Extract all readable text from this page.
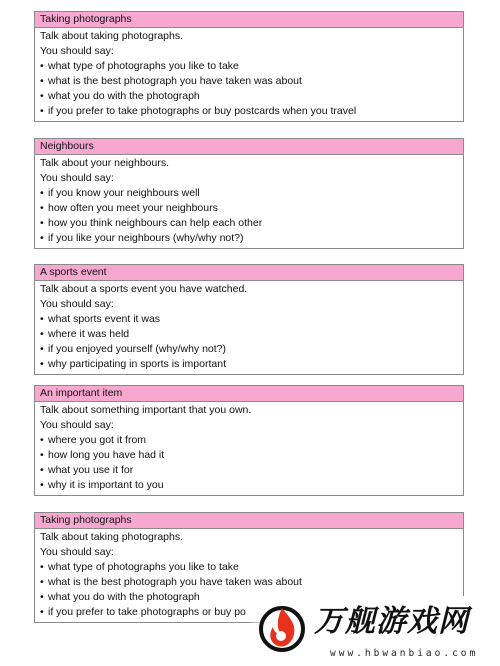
Taking photographs
Talk about taking photographs.
You should say:
• what type of photographs you like to take
• what is the best photograph you have taken was about
• what you do with the photograph
• if you prefer to take photographs or buy postcards when you travel
Neighbours
Talk about your neighbours.
You should say:
• if you know your neighbours well
• how often you meet your neighbours
• how you think neighbours can help each other
• if you like your neighbours (why/why not?)
A sports event
Talk about a sports event you have watched.
You should say:
• what sports event it was
• where it was held
• if you enjoyed yourself (why/why not?)
• why participating in sports is important
An important item
Talk about something important that you own.
You should say:
• where you got it from
• how long you have had it
• what you use it for
• why it is important to you
Taking photographs
Talk about taking photographs.
You should say:
• what type of photographs you like to take
• what is the best photograph you have taken was about
• what you do with the photograph
• if you prefer to take photographs or buy po	万舰游戏网
www.hbwanbiao.com
